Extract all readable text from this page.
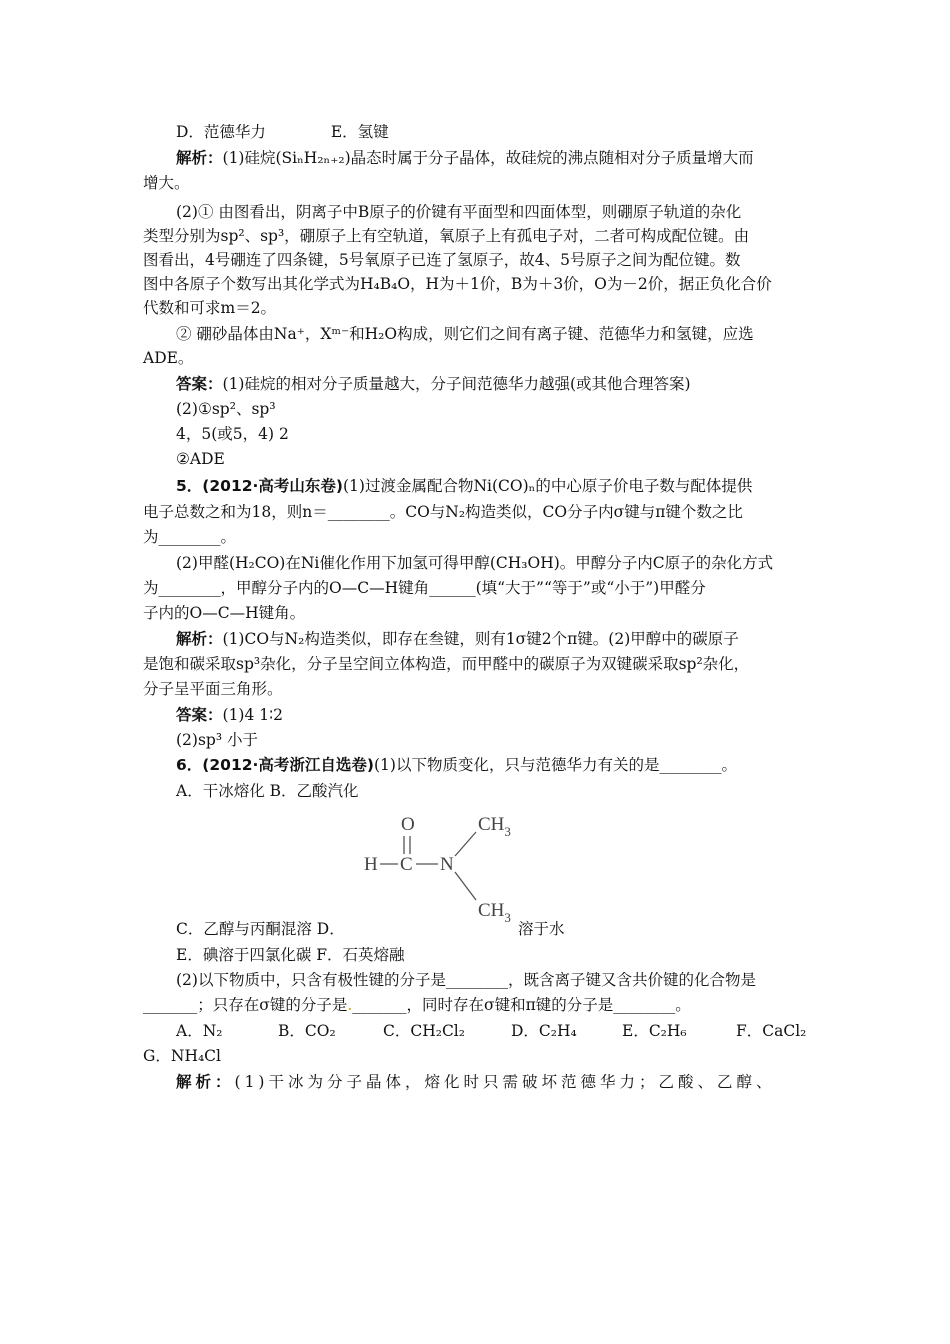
D．范德华力	E．氢键
解析：(1)硅烷(SiₙH₂ₙ₊₂)晶态时属于分子晶体，故硅烷的沸点随相对分子质量增大而
增大。
(2)① 由图看出，阴离子中B原子的价键有平面型和四面体型，则硼原子轨道的杂化
类型分别为sp²、sp³，硼原子上有空轨道，氧原子上有孤电子对，二者可构成配位键。由
图看出，4号硼连了四条键，5号氧原子已连了氢原子，故4、5号原子之间为配位键。数
图中各原子个数写出其化学式为H₄B₄O，H为＋1价，B为＋3价，O为－2价，据正负化合价
代数和可求m＝2。
② 硼砂晶体由Na⁺，Xᵐ⁻和H₂O构成，则它们之间有离子键、范德华力和氢键，应选
ADE。
答案：(1)硅烷的相对分子质量越大，分子间范德华力越强(或其他合理答案)
(2)①sp²、sp³
4，5(或5，4) 2
②ADE
5．(2012·高考山东卷)(1)过渡金属配合物Ni(CO)ₙ的中心原子价电子数与配体提供
电子总数之和为18，则n＝________。CO与N₂构造类似，CO分子内σ键与π键个数之比
为________。
(2)甲醛(H₂CO)在Ni催化作用下加氢可得甲醇(CH₃OH)。甲醇分子内C原子的杂化方式
为________，甲醇分子内的O—C—H键角______(填“大于”“等于”或“小于”)甲醛分
子内的O—C—H键角。
解析：(1)CO与N₂构造类似，即存在叁键，则有1σ键2个π键。(2)甲醇中的碳原子
是饱和碳采取sp³杂化，分子呈空间立体构造，而甲醛中的碳原子为双键碳采取sp²杂化，
分子呈平面三角形。
答案：(1)4 1∶2
(2)sp³ 小于
6．(2012·高考浙江自选卷)(1)以下物质变化，只与范德华力有关的是________。
A．干冰熔化 B．乙酸汽化
O
H C N
$CH_3$
$CH_3$
C．乙醇与丙酮混溶 D．	溶于水
E．碘溶于四氯化碳 F．石英熔融
(2)以下物质中，只含有极性键的分子是________，既含离子键又含共价键的化合物是
_______；只存在σ键的分子是._______，同时存在σ键和π键的分子是________。
A．N₂	B．CO₂	C．CH₂Cl₂	D．C₂H₄	E．C₂H₆	F．CaCl₂
G．NH₄Cl
解析：(1)干冰为分子晶体，熔化时只需破坏范德华力；乙酸、乙醇、
